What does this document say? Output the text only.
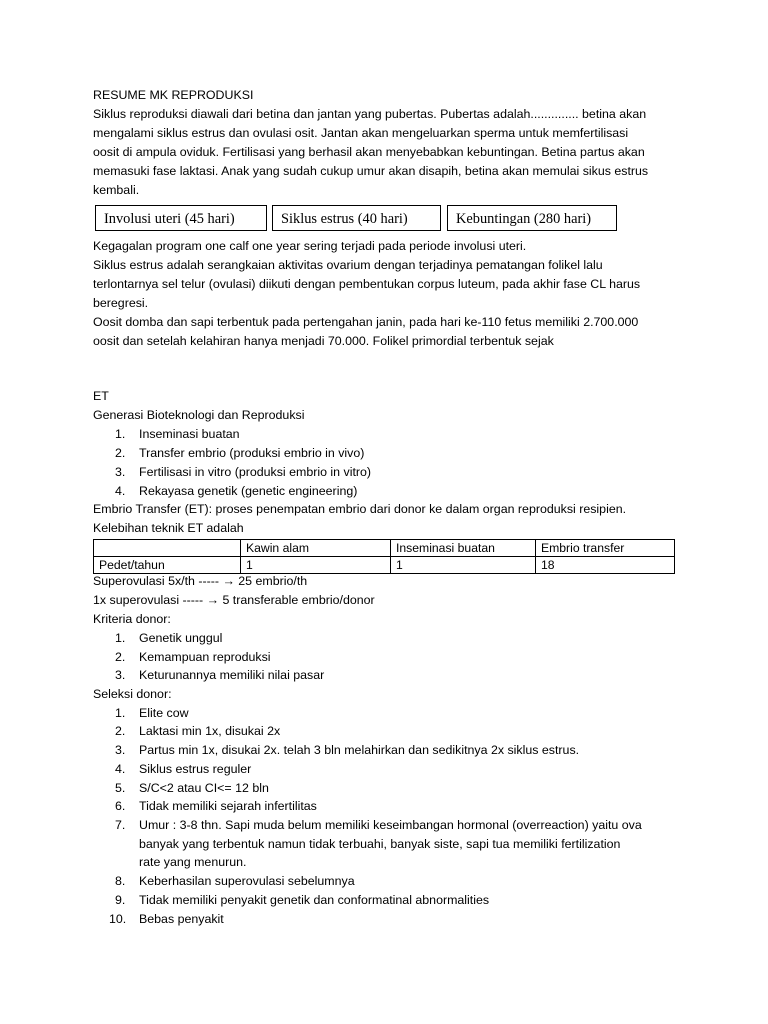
RESUME MK REPRODUKSI
Siklus reproduksi diawali dari betina dan jantan yang pubertas. Pubertas adalah.............. betina akan
mengalami siklus estrus dan ovulasi osit. Jantan akan mengeluarkan sperma untuk memfertilisasi
oosit di ampula oviduk. Fertilisasi yang berhasil akan menyebabkan kebuntingan. Betina partus akan
memasuki fase laktasi. Anak yang sudah cukup umur akan disapih, betina akan memulai sikus estrus
kembali.
Involusi uteri (45 hari)	Siklus estrus (40 hari)	Kebuntingan (280 hari)
Kegagalan program one calf one year sering terjadi pada periode involusi uteri.
Siklus estrus adalah serangkaian aktivitas ovarium dengan terjadinya pematangan folikel lalu
terlontarnya sel telur (ovulasi) diikuti dengan pembentukan corpus luteum, pada akhir fase CL harus
beregresi.
Oosit domba dan sapi terbentuk pada pertengahan janin, pada hari ke-110 fetus memiliki 2.700.000
oosit dan setelah kelahiran hanya menjadi 70.000. Folikel primordial terbentuk sejak
ET
Generasi Bioteknologi dan Reproduksi
1. Inseminasi buatan
2. Transfer embrio (produksi embrio in vivo)
3. Fertilisasi in vitro (produksi embrio in vitro)
4. Rekayasa genetik (genetic engineering)
Embrio Transfer (ET): proses penempatan embrio dari donor ke dalam organ reproduksi resipien.
Kelebihan teknik ET adalah
	Kawin alam	Inseminasi buatan	Embrio transfer
Pedet/tahun	1	1	18
Superovulasi 5x/th ----- → 25 embrio/th
1x superovulasi ----- → 5 transferable embrio/donor
Kriteria donor:
1. Genetik unggul
2. Kemampuan reproduksi
3. Keturunannya memiliki nilai pasar
Seleksi donor:
1. Elite cow
2. Laktasi min 1x, disukai 2x
3. Partus min 1x, disukai 2x. telah 3 bln melahirkan dan sedikitnya 2x siklus estrus.
4. Siklus estrus reguler
5. S/C<2 atau CI<= 12 bln
6. Tidak memiliki sejarah infertilitas
7. Umur : 3-8 thn. Sapi muda belum memiliki keseimbangan hormonal (overreaction) yaitu ova
banyak yang terbentuk namun tidak terbuahi, banyak siste, sapi tua memiliki fertilization
rate yang menurun.
8. Keberhasilan superovulasi sebelumnya
9. Tidak memiliki penyakit genetik dan conformatinal abnormalities
10. Bebas penyakit
